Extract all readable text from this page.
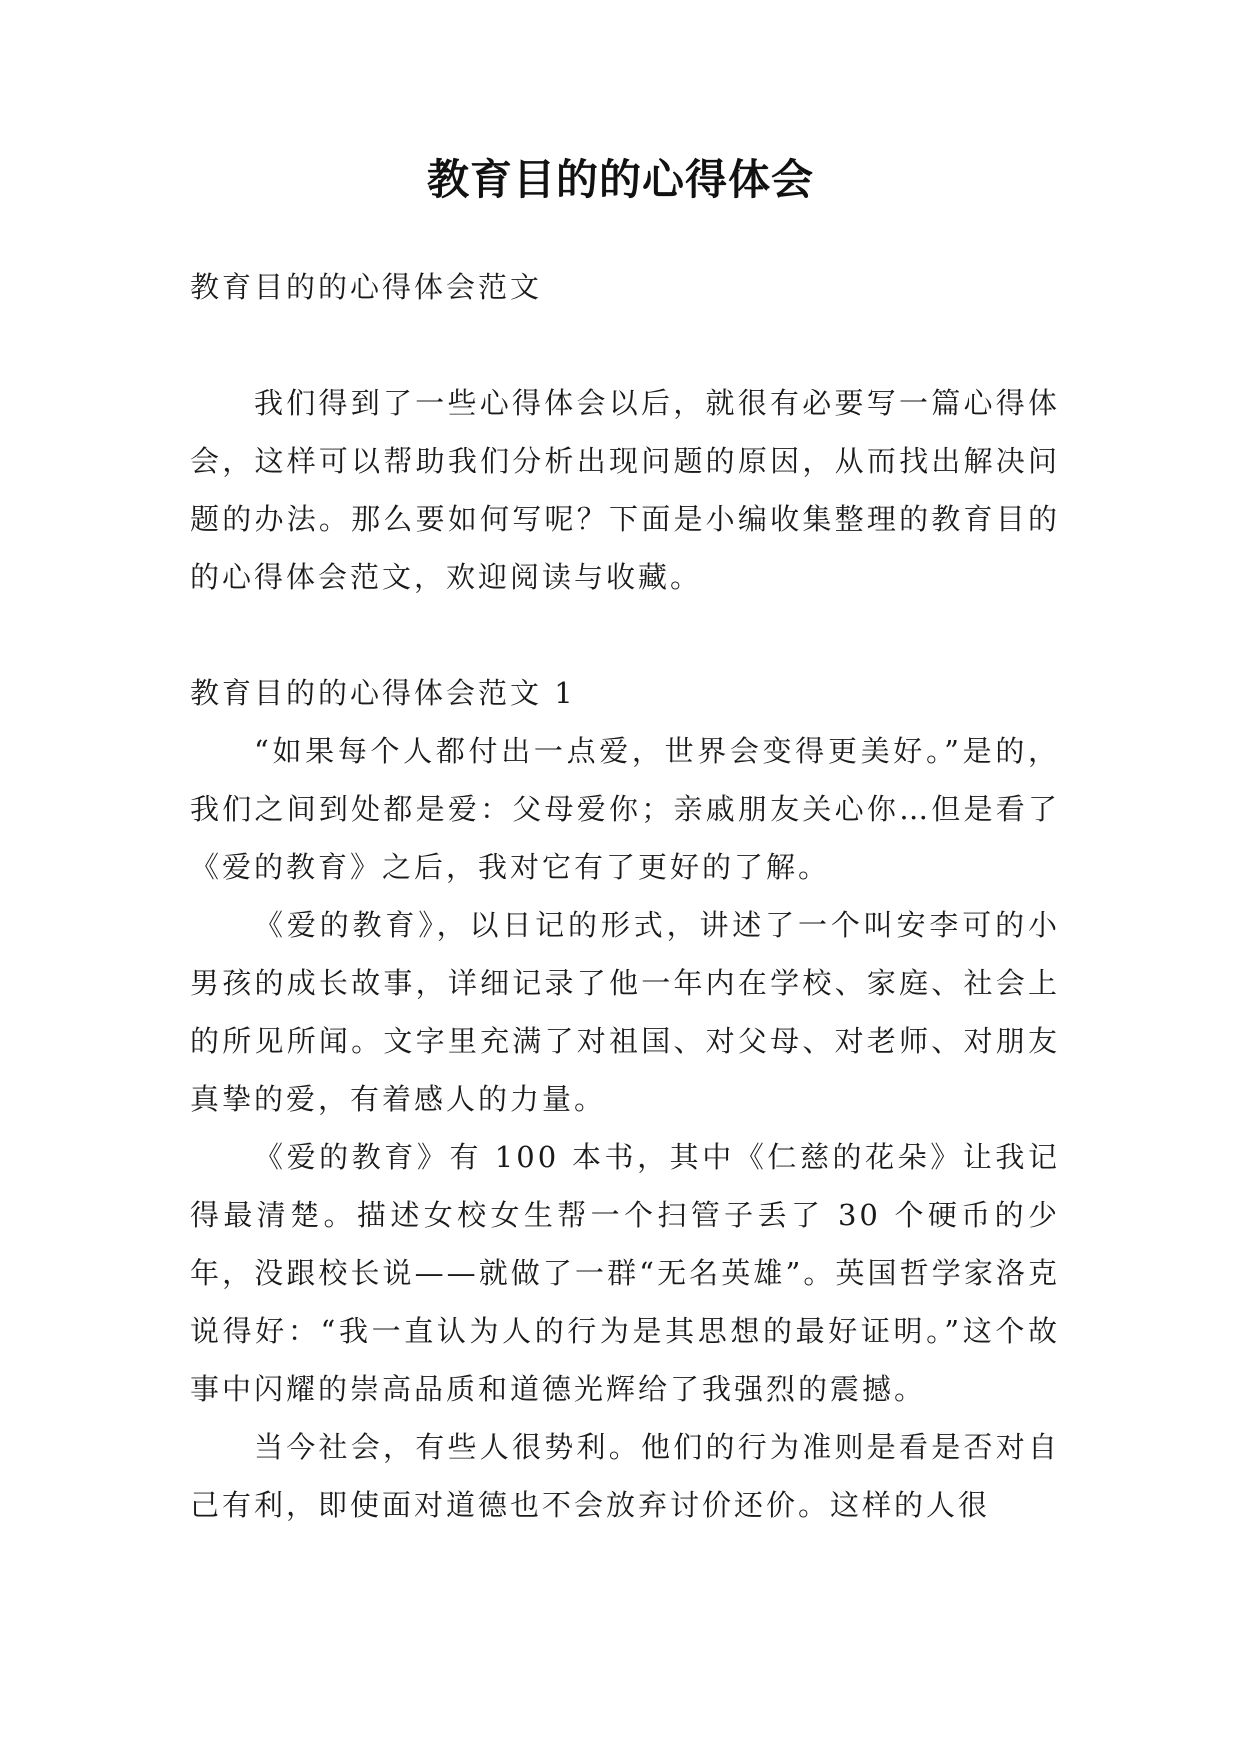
教育目的的心得体会

教育目的的心得体会范文

我们得到了一些心得体会以后，就很有必要写一篇心得体会，这样可以帮助我们分析出现问题的原因，从而找出解决问题的办法。那么要如何写呢？下面是小编收集整理的教育目的的心得体会范文，欢迎阅读与收藏。

教育目的的心得体会范文 1

“如果每个人都付出一点爱，世界会变得更美好。”是的，我们之间到处都是爱：父母爱你；亲戚朋友关心你…但是看了《爱的教育》之后，我对它有了更好的了解。

《爱的教育》，以日记的形式，讲述了一个叫安李可的小男孩的成长故事，详细记录了他一年内在学校、家庭、社会上的所见所闻。文字里充满了对祖国、对父母、对老师、对朋友真挚的爱，有着感人的力量。

《爱的教育》有 100 本书，其中《仁慈的花朵》让我记得最清楚。描述女校女生帮一个扫管子丢了 30 个硬币的少年，没跟校长说——就做了一群“无名英雄”。英国哲学家洛克说得好：“我一直认为人的行为是其思想的最好证明。”这个故事中闪耀的崇高品质和道德光辉给了我强烈的震撼。

当今社会，有些人很势利。他们的行为准则是看是否对自己有利，即使面对道德也不会放弃讨价还价。这样的人很
